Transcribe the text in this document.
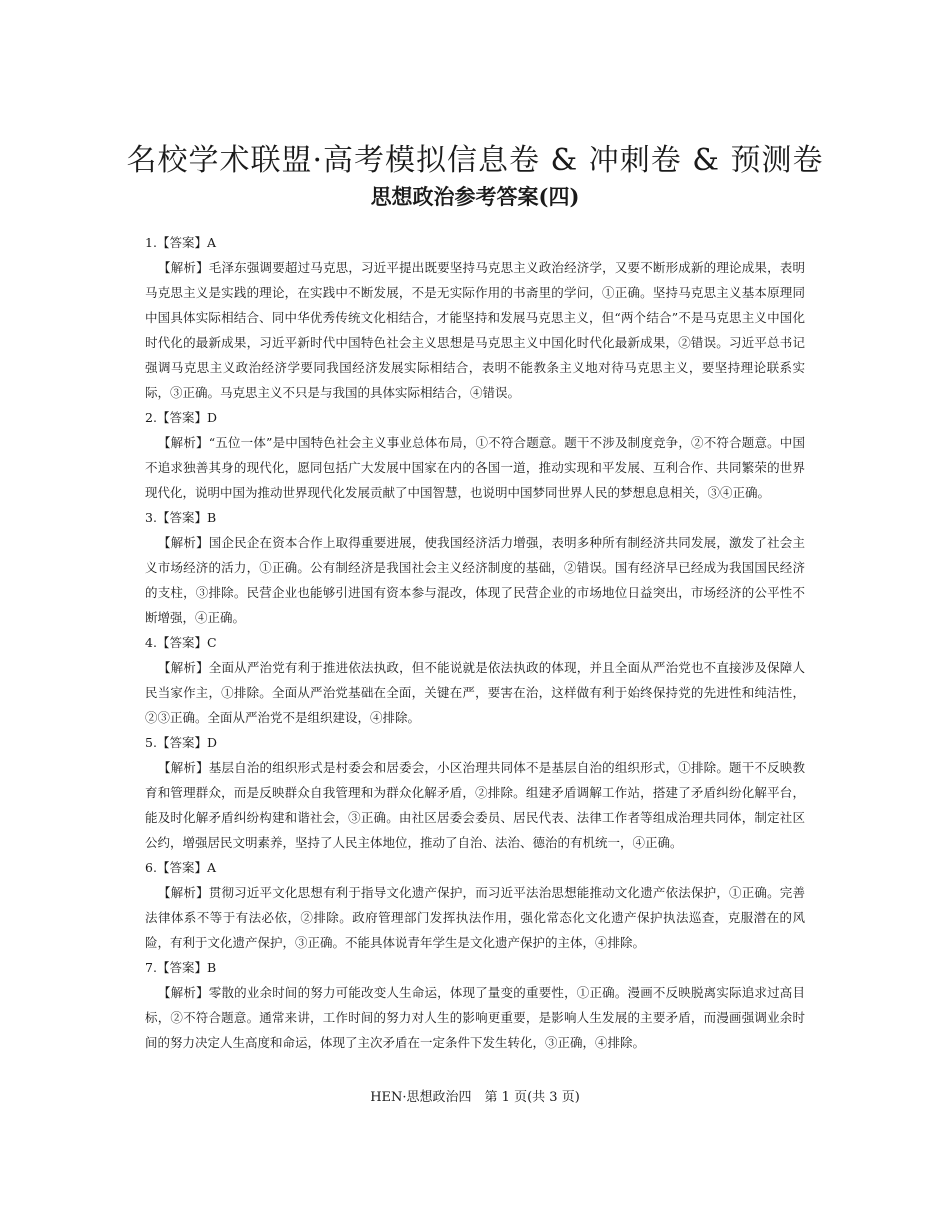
名校学术联盟·高考模拟信息卷 & 冲刺卷 & 预测卷
思想政治参考答案(四)
1.【答案】A
【解析】毛泽东强调要超过马克思，习近平提出既要坚持马克思主义政治经济学，又要不断形成新的理论成果，表明马克思主义是实践的理论，在实践中不断发展，不是无实际作用的书斋里的学问，①正确。坚持马克思主义基本原理同中国具体实际相结合、同中华优秀传统文化相结合，才能坚持和发展马克思主义，但“两个结合”不是马克思主义中国化时代化的最新成果，习近平新时代中国特色社会主义思想是马克思主义中国化时代化最新成果，②错误。习近平总书记强调马克思主义政治经济学要同我国经济发展实际相结合，表明不能教条主义地对待马克思主义，要坚持理论联系实际，③正确。马克思主义不只是与我国的具体实际相结合，④错误。
2.【答案】D
【解析】“五位一体”是中国特色社会主义事业总体布局，①不符合题意。题干不涉及制度竞争，②不符合题意。中国不追求独善其身的现代化，愿同包括广大发展中国家在内的各国一道，推动实现和平发展、互利合作、共同繁荣的世界现代化，说明中国为推动世界现代化发展贡献了中国智慧，也说明中国梦同世界人民的梦想息息相关，③④正确。
3.【答案】B
【解析】国企民企在资本合作上取得重要进展，使我国经济活力增强，表明多种所有制经济共同发展，激发了社会主义市场经济的活力，①正确。公有制经济是我国社会主义经济制度的基础，②错误。国有经济早已经成为我国国民经济的支柱，③排除。民营企业也能够引进国有资本参与混改，体现了民营企业的市场地位日益突出，市场经济的公平性不断增强，④正确。
4.【答案】C
【解析】全面从严治党有利于推进依法执政，但不能说就是依法执政的体现，并且全面从严治党也不直接涉及保障人民当家作主，①排除。全面从严治党基础在全面，关键在严，要害在治，这样做有利于始终保持党的先进性和纯洁性，②③正确。全面从严治党不是组织建设，④排除。
5.【答案】D
【解析】基层自治的组织形式是村委会和居委会，小区治理共同体不是基层自治的组织形式，①排除。题干不反映教育和管理群众，而是反映群众自我管理和为群众化解矛盾，②排除。组建矛盾调解工作站，搭建了矛盾纠纷化解平台，能及时化解矛盾纠纷构建和谐社会，③正确。由社区居委会委员、居民代表、法律工作者等组成治理共同体，制定社区公约，增强居民文明素养，坚持了人民主体地位，推动了自治、法治、德治的有机统一，④正确。
6.【答案】A
【解析】贯彻习近平文化思想有利于指导文化遗产保护，而习近平法治思想能推动文化遗产依法保护，①正确。完善法律体系不等于有法必依，②排除。政府管理部门发挥执法作用，强化常态化文化遗产保护执法巡查，克服潜在的风险，有利于文化遗产保护，③正确。不能具体说青年学生是文化遗产保护的主体，④排除。
7.【答案】B
【解析】零散的业余时间的努力可能改变人生命运，体现了量变的重要性，①正确。漫画不反映脱离实际追求过高目标，②不符合题意。通常来讲，工作时间的努力对人生的影响更重要，是影响人生发展的主要矛盾，而漫画强调业余时间的努力决定人生高度和命运，体现了主次矛盾在一定条件下发生转化，③正确，④排除。
HEN·思想政治四　第 1 页(共 3 页)
